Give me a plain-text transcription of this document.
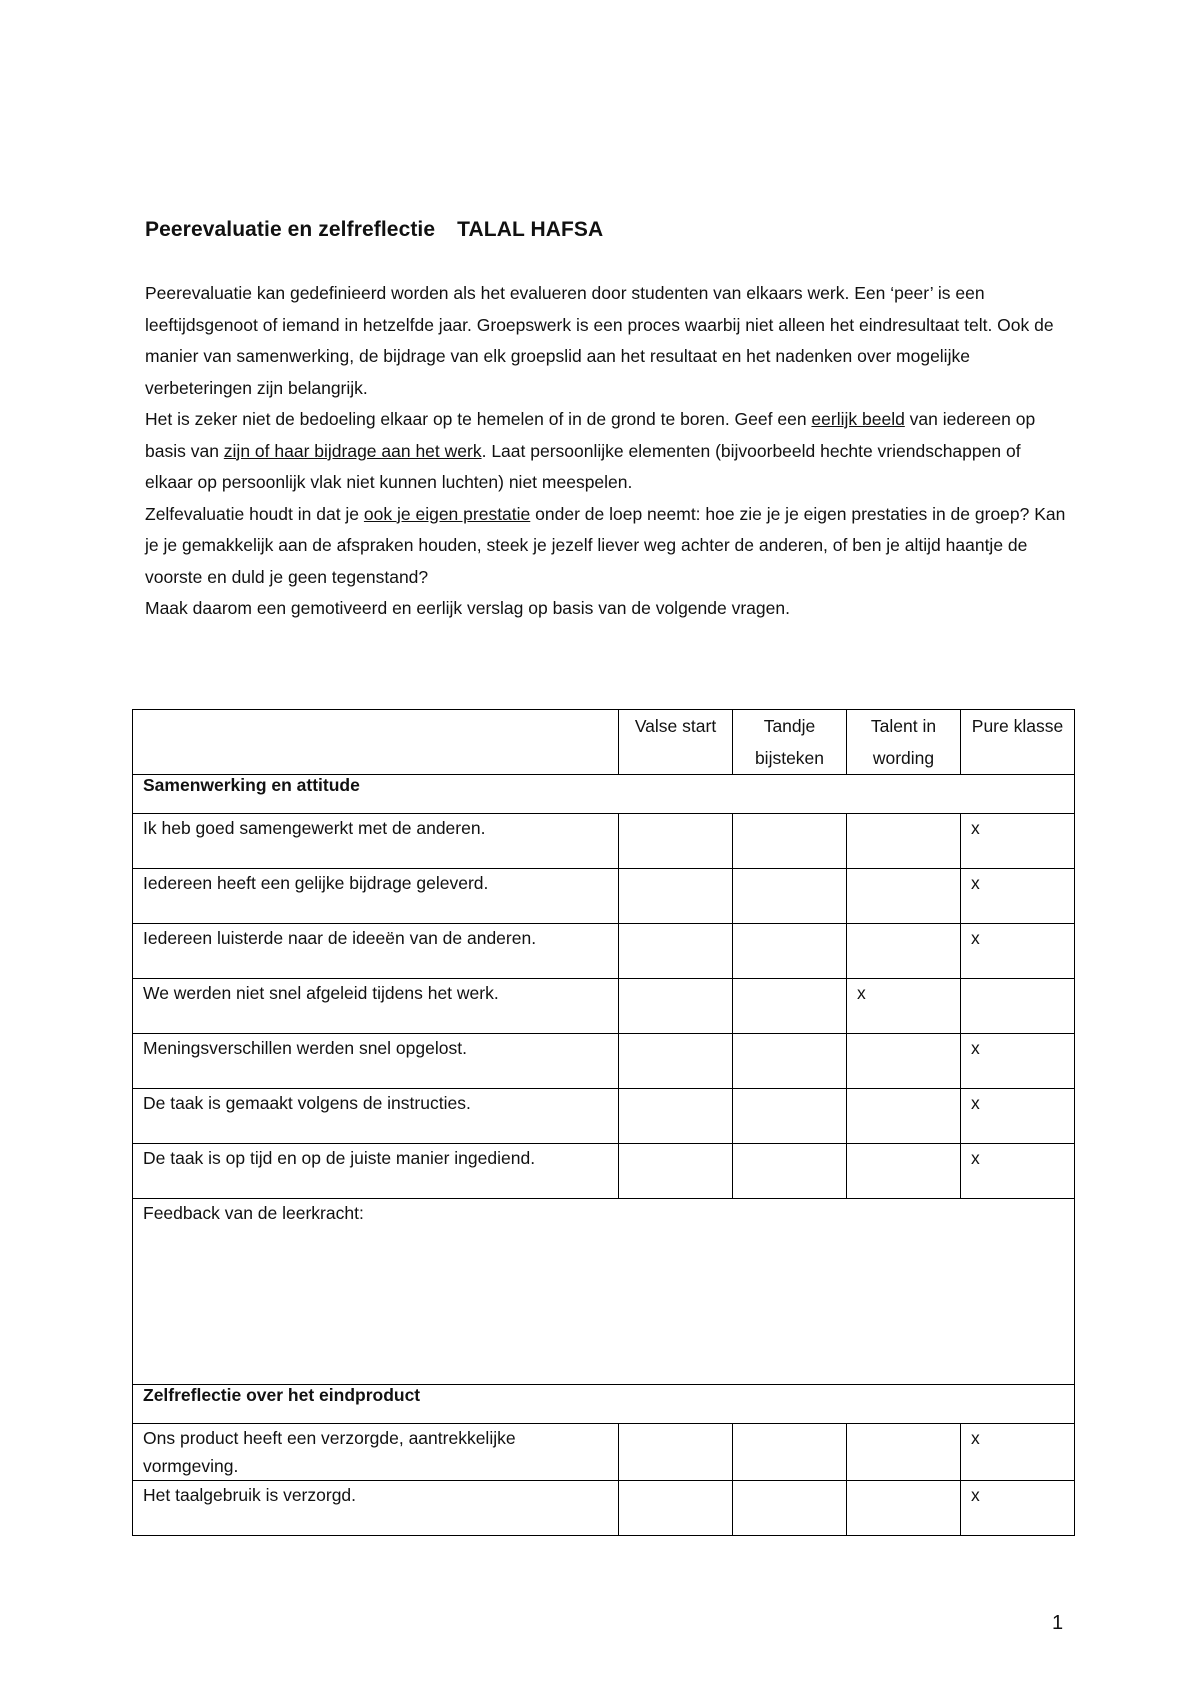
Peerevaluatie en zelfreflectie TALAL HAFSA

Peerevaluatie kan gedefinieerd worden als het evalueren door studenten van elkaars werk. Een ‘peer’ is een leeftijdsgenoot of iemand in hetzelfde jaar. Groepswerk is een proces waarbij niet alleen het eindresultaat telt. Ook de manier van samenwerking, de bijdrage van elk groepslid aan het resultaat en het nadenken over mogelijke verbeteringen zijn belangrijk.

Het is zeker niet de bedoeling elkaar op te hemelen of in de grond te boren. Geef een eerlijk beeld van iedereen op basis van zijn of haar bijdrage aan het werk. Laat persoonlijke elementen (bijvoorbeeld hechte vriendschappen of elkaar op persoonlijk vlak niet kunnen luchten) niet meespelen.

Zelfevaluatie houdt in dat je ook je eigen prestatie onder de loep neemt: hoe zie je je eigen prestaties in de groep? Kan je je gemakkelijk aan de afspraken houden, steek je jezelf liever weg achter de anderen, of ben je altijd haantje de voorste en duld je geen tegenstand?

Maak daarom een gemotiveerd en eerlijk verslag op basis van de volgende vragen.

	Valse start	Tandje bijsteken	Talent in wording	Pure klasse
Samenwerking en attitude				
Ik heb goed samengewerkt met de anderen.				x
Iedereen heeft een gelijke bijdrage geleverd.				x
Iedereen luisterde naar de ideeën van de anderen.				x
We werden niet snel afgeleid tijdens het werk.			x	
Meningsverschillen werden snel opgelost.				x
De taak is gemaakt volgens de instructies.				x
De taak is op tijd en op de juiste manier ingediend.				x
Feedback van de leerkracht:				
Zelfreflectie over het eindproduct				
Ons product heeft een verzorgde, aantrekkelijke vormgeving.				x
Het taalgebruik is verzorgd.				x
1
